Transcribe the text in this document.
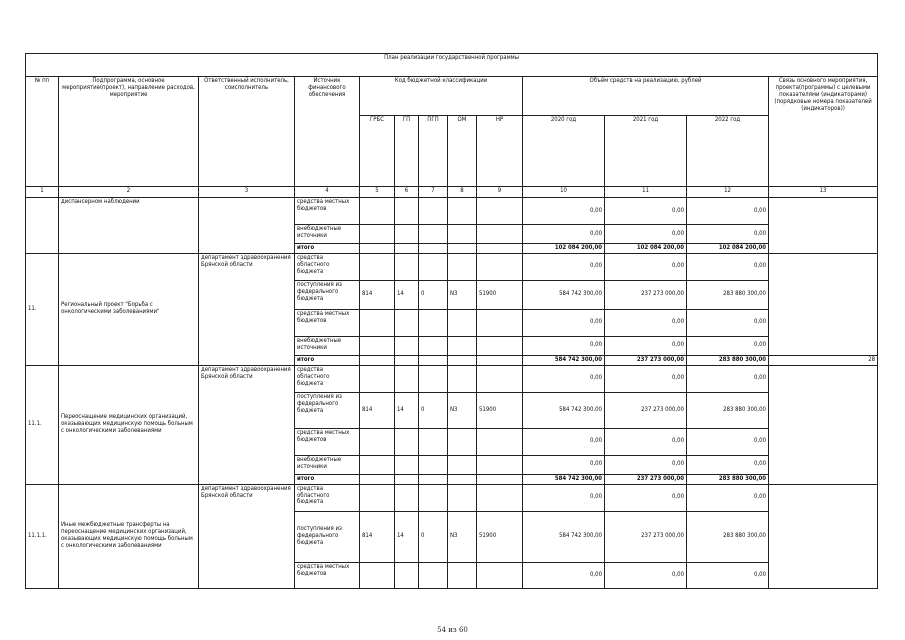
План реализации государственной программы												
№ пп	Подпрограмма, основное мероприятие(проект), направление расходов, мероприятие	Ответственный исполнитель, соисполнитель	Источник финансового обеспечения	Код бюджетной классификации					Объём средств на реализацию, рублей			Связь основного мероприятия, проекта(программы) с целевыми показателями (индикаторами) (порядковые номера показателей (индикаторов))
				ГРБС	ГП	ПГП	ОМ	НР	2020 год	2021 год	2022 год	
1	2	3	4	5	6	7	8	9	10	11	12	13
	диспансерном наблюдении		средства местных бюджетов						0,00	0,00	0,00	
			внебюджетные источники						0,00	0,00	0,00	
			итого						102 084 200,00	102 084 200,00	102 084 200,00	
11.	Региональный проект "Борьба с онкологическими заболеваниями"	департамент здравоохранения Брянской области	средства областного бюджета						0,00	0,00	0,00	
			поступления из федерального бюджета	814	14	0	N3	51900	584 742 300,00	237 273 000,00	283 880 300,00	
			средства местных бюджетов						0,00	0,00	0,00	
			внебюджетные источники						0,00	0,00	0,00	
			итого						584 742 300,00	237 273 000,00	283 880 300,00	28
11.1.	Переоснащение медицинских организаций, оказывающих медицинскую помощь больным с онкологическими заболеваниями	департамент здравоохранения Брянской области	средства областного бюджета						0,00	0,00	0,00	
			поступления из федерального бюджета	814	14	0	N3	51900	584 742 300,00	237 273 000,00	283 880 300,00	
			средства местных бюджетов						0,00	0,00	0,00	
			внебюджетные источники						0,00	0,00	0,00	
			итого						584 742 300,00	237 273 000,00	283 880 300,00	
11.1.1.	Иные межбюджетные трансферты на переоснащение медицинских организаций, оказывающих медицинскую помощь больным с онкологическими заболеваниями	департамент здравоохранения Брянской области	средства областного бюджета						0,00	0,00	0,00	
			поступления из федерального бюджета	814	14	0	N3	51900	584 742 300,00	237 273 000,00	283 880 300,00	
			средства местных бюджетов						0,00	0,00	0,00	
54 из 60
